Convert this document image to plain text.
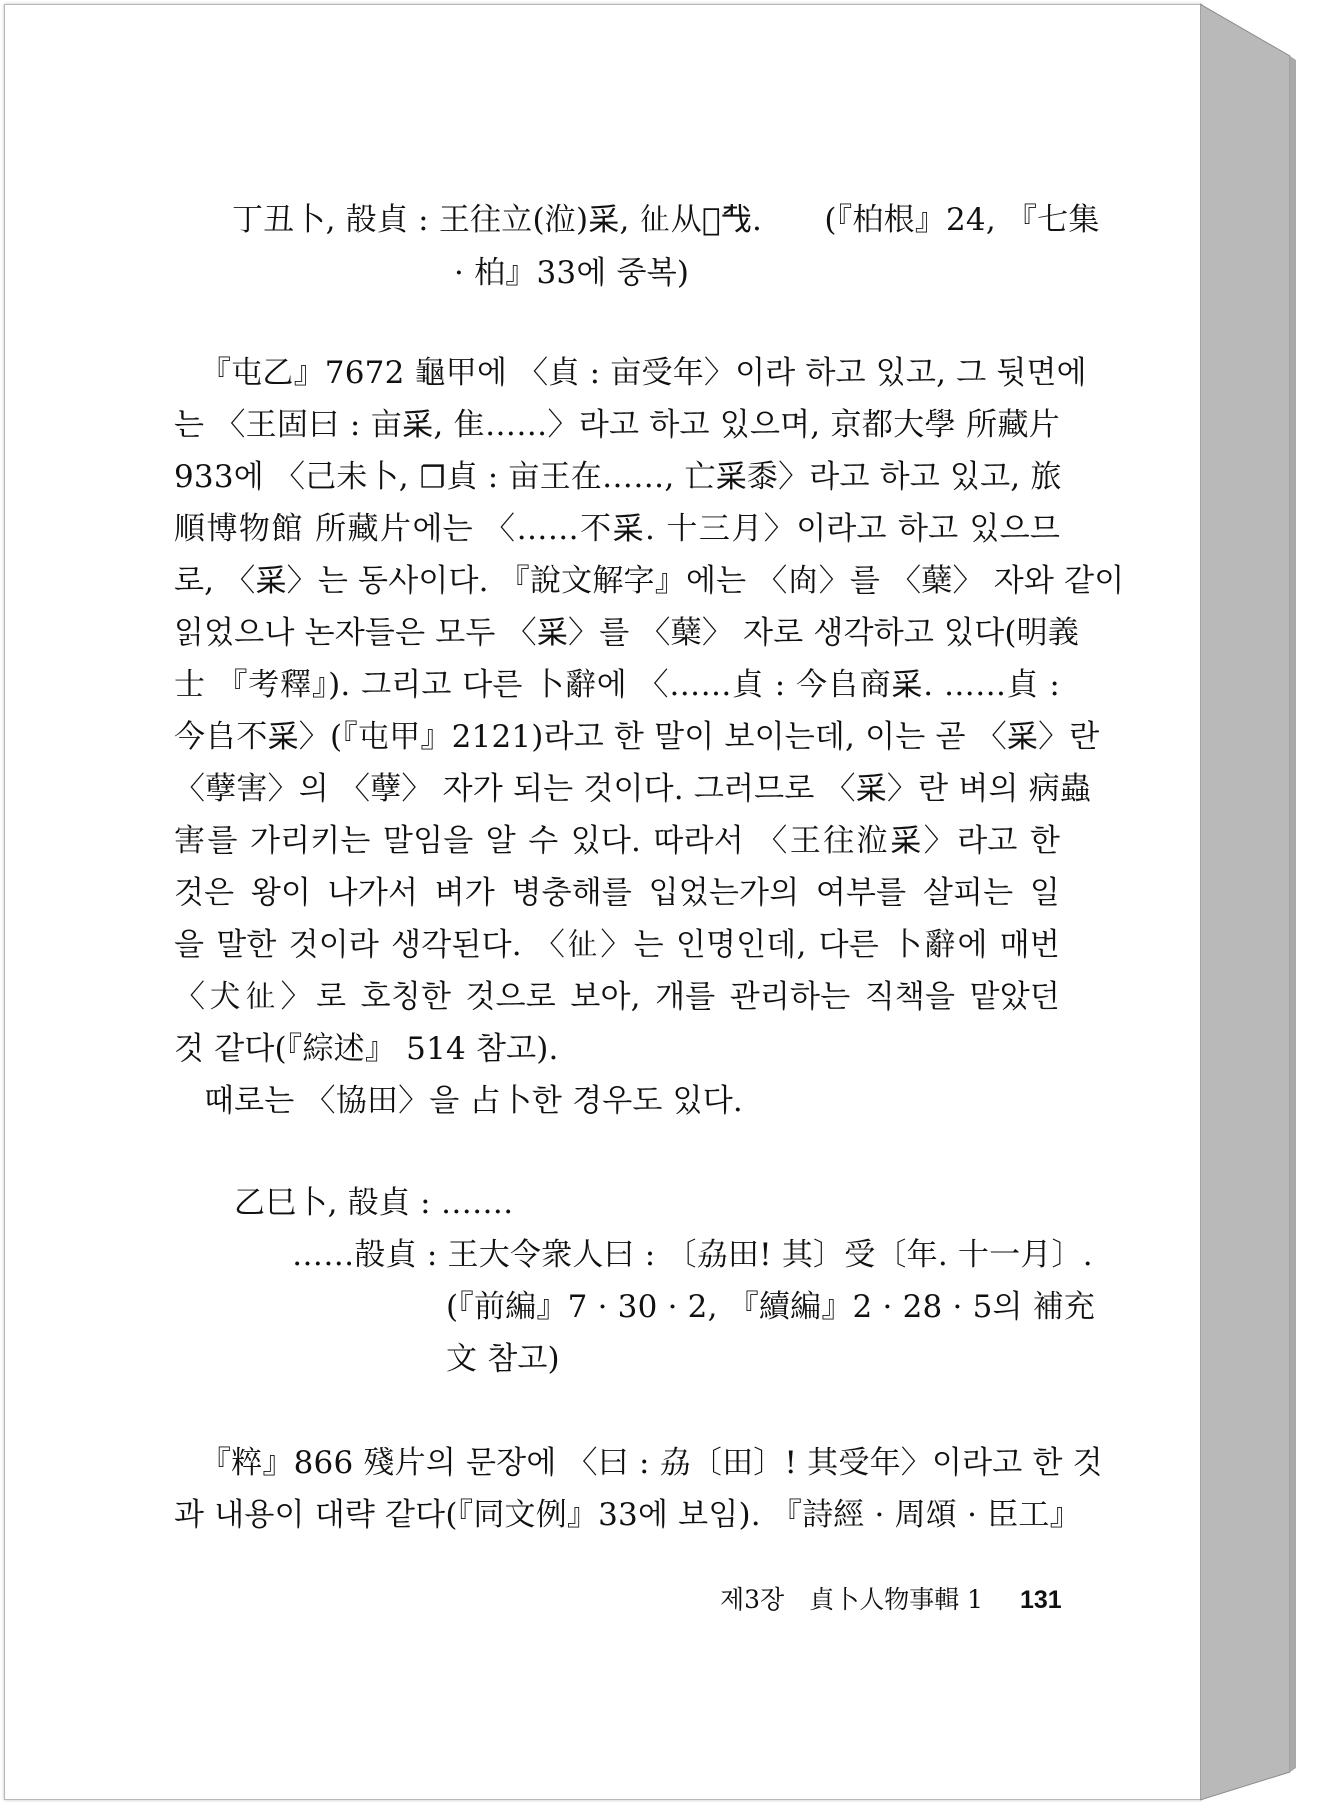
丁丑卜, 㱿貞 : 王往立(涖)𥝩, 𢓊从𡉈𢦔.　　(『柏根』24, 『七集
· 柏』33에 중복)
『屯乙』7672 龜甲에 〈貞 : 亩受年〉이라 하고 있고, 그 뒷면에
는 〈王固曰 : 亩𥝩, 隹……〉라고 하고 있으며, 京都大學 所藏片
933에 〈己未卜, ☐貞 : 亩王在……, 亡𥝩黍〉라고 하고 있고, 旅
順博物館 所藏片에는 〈……不𥝩. 十三月〉이라고 하고 있으므
로, 〈𥝩〉는 동사이다. 『說文解字』에는 〈㕯〉를 〈蘖〉 자와 같이
읽었으나 논자들은 모두 〈𥝩〉를 〈蘖〉 자로 생각하고 있다(明義
士 『考釋』). 그리고 다른 卜辭에 〈……貞 : 今𠂤商𥝩. ……貞 :
今𠂤不𥝩〉(『屯甲』2121)라고 한 말이 보이는데, 이는 곧 〈𥝩〉란
〈孽害〉의 〈孽〉 자가 되는 것이다. 그러므로 〈𥝩〉란 벼의 病蟲
害를 가리키는 말임을 알 수 있다. 따라서 〈王往涖𥝩〉라고 한
것은 왕이 나가서 벼가 병충해를 입었는가의 여부를 살피는 일
을 말한 것이라 생각된다. 〈𢓊〉는 인명인데, 다른 卜辭에 매번
〈犬𢓊〉로 호칭한 것으로 보아, 개를 관리하는 직책을 맡았던
것 같다(『綜述』 514 참고).
때로는 〈協田〉을 占卜한 경우도 있다.
乙巳卜, 㱿貞 : …….
……㱿貞 : 王大令衆人曰 : 〔劦田! 其〕受〔年. 十一月〕.
(『前編』7 · 30 · 2, 『續編』2 · 28 · 5의 補充
文 참고)
『粹』866 殘片의 문장에 〈曰 : 劦〔田〕! 其受年〉이라고 한 것
과 내용이 대략 같다(『同文例』33에 보임). 『詩經 · 周頌 · 臣工』
제3장　貞卜人物事輯 1 131
